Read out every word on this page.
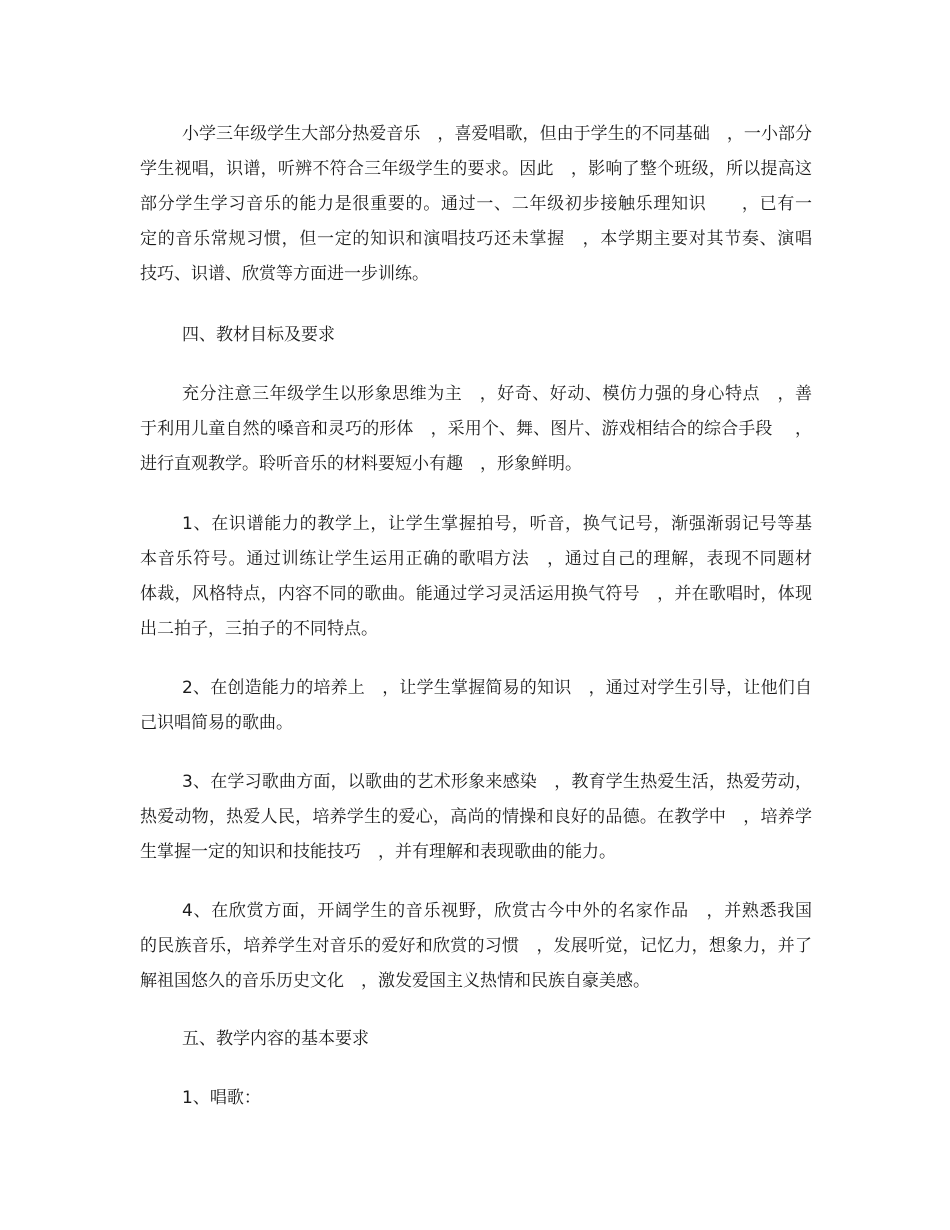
小学三年级学生大部分热爱音乐　，喜爱唱歌，但由于学生的不同基础　，一小部分
学生视唱，识谱，听辨不符合三年级学生的要求。因此　，影响了整个班级，所以提高这
部分学生学习音乐的能力是很重要的。通过一、二年级初步接触乐理知识　　，已有一
定的音乐常规习惯，但一定的知识和演唱技巧还未掌握　，本学期主要对其节奏、演唱
技巧、识谱、欣赏等方面进一步训练。
四、教材目标及要求
充分注意三年级学生以形象思维为主　，好奇、好动、模仿力强的身心特点　，善
于利用儿童自然的嗓音和灵巧的形体　，采用个、舞、图片、游戏相结合的综合手段　 ，
进行直观教学。聆听音乐的材料要短小有趣　，形象鲜明。
1、在识谱能力的教学上，让学生掌握拍号，听音，换气记号，渐强渐弱记号等基
本音乐符号。通过训练让学生运用正确的歌唱方法　，通过自己的理解，表现不同题材
体裁，风格特点，内容不同的歌曲。能通过学习灵活运用换气符号　，并在歌唱时，体现
出二拍子，三拍子的不同特点。
2、在创造能力的培养上　，让学生掌握简易的知识　，通过对学生引导，让他们自
己识唱简易的歌曲。
3、在学习歌曲方面，以歌曲的艺术形象来感染　，教育学生热爱生活，热爱劳动，
热爱动物，热爱人民，培养学生的爱心，高尚的情操和良好的品德。在教学中　，培养学
生掌握一定的知识和技能技巧　，并有理解和表现歌曲的能力。
4、在欣赏方面，开阔学生的音乐视野，欣赏古今中外的名家作品　，并熟悉我国
的民族音乐，培养学生对音乐的爱好和欣赏的习惯　，发展听觉，记忆力，想象力，并了
解祖国悠久的音乐历史文化　，激发爱国主义热情和民族自豪美感。
五、教学内容的基本要求
1、唱歌：
